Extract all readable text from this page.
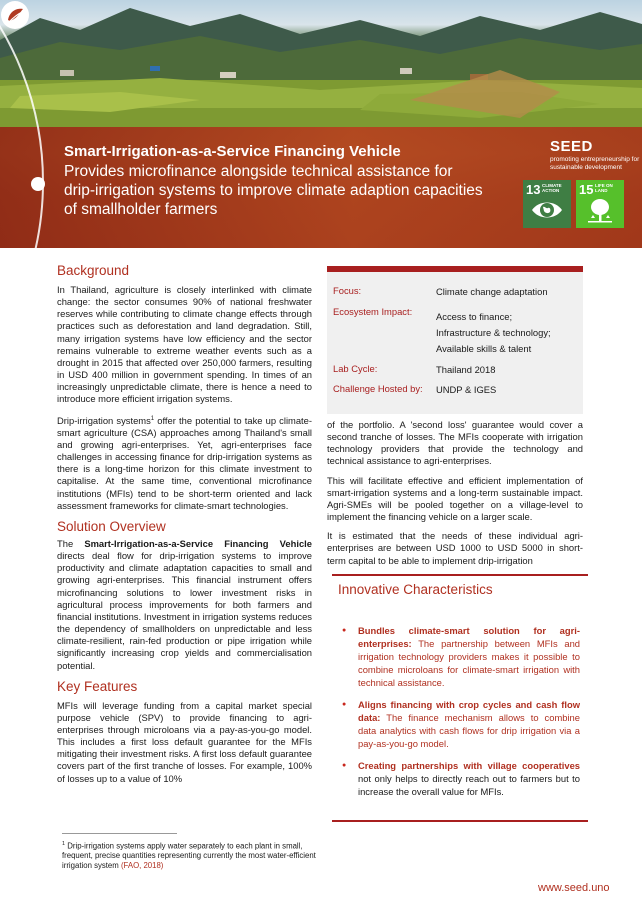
Smart-Irrigation-as-a-Service Financing Vehicle
Provides microfinance alongside technical assistance for drip-irrigation systems to improve climate adaption capacities of smallholder farmers
SEED
promoting entrepreneurship for sustainable development
13 CLIMATE ACTION	15 LIFE ON LAND
Background

In Thailand, agriculture is closely interlinked with climate change: the sector consumes 90% of national freshwater reserves while contributing to climate change effects through practices such as deforestation and land degradation. Still, many irrigation systems have low efficiency and the sector remains vulnerable to extreme weather events such as a drought in 2015 that affected over 250,000 farmers, resulting in USD 400 million in government spending. In times of an increasingly unpredictable climate, there is hence a need to introduce more efficient irrigation systems.

Drip-irrigation systems$^1$ offer the potential to take up climate-smart agriculture (CSA) approaches among Thailand's small and growing agri-enterprises. Yet, agri-enterprises face challenges in accessing finance for drip-irrigation systems as there is a long-time horizon for this climate investment to capitalise. At the same time, conventional microfinance institutions (MFIs) tend to be short-term oriented and lack assessment frameworks for climate-smart technologies.

Solution Overview

The Smart-Irrigation-as-a-Service Financing Vehicle directs deal flow for drip-irrigation systems to improve productivity and climate adaptation capacities to small and growing agri-enterprises. This financial instrument offers microfinancing solutions to lower investment risks in agricultural process improvements for both farmers and financial institutions. Investment in irrigation systems reduces the dependency of smallholders on unpredictable and less climate-resilient, rain-fed production or pipe irrigation while significantly increasing crop yields and commercialisation potential.

Key Features

MFIs will leverage funding from a capital market special purpose vehicle (SPV) to provide financing to agri-enterprises through microloans via a pay-as-you-go model. This includes a first loss default guarantee for the MFIs mitigating their investment risks. A first loss default guarantee covers part of the first tranche of losses. For example, 100% of losses up to a value of 10%

Focus:	Climate change adaptation
Ecosystem Impact:	Access to finance;
Infrastructure & technology;
Available skills & talent
Lab Cycle:	Thailand 2018
Challenge Hosted by: UNDP & IGES

of the portfolio. A 'second loss' guarantee would cover a second tranche of losses. The MFIs cooperate with irrigation technology providers that provide the technology and technical assistance to agri-enterprises.

This will facilitate effective and efficient implementation of smart-irrigation systems and a long-term sustainable impact. Agri-SMEs will be pooled together on a village-level to implement the financing vehicle on a larger scale.

It is estimated that the needs of these individual agri-enterprises are between USD 1000 to USD 5000 in short-term capital to be able to implement drip-irrigation

Innovative Characteristics
● Bundles climate-smart solution for agri-enterprises: The partnership between MFIs and irrigation technology providers makes it possible to combine microloans for climate-smart irrigation with technical assistance.
● Aligns financing with crop cycles and cash flow data: The finance mechanism allows to combine data analytics with cash flows for drip irrigation via a pay-as-you-go model.
● Creating partnerships with village cooperatives not only helps to directly reach out to farmers but to increase the overall value for MFIs.
$^1$ Drip-irrigation systems apply water separately to each plant in small, frequent, precise quantities representing currently the most water-efficient irrigation system (FAO, 2018)
www.seed.uno
